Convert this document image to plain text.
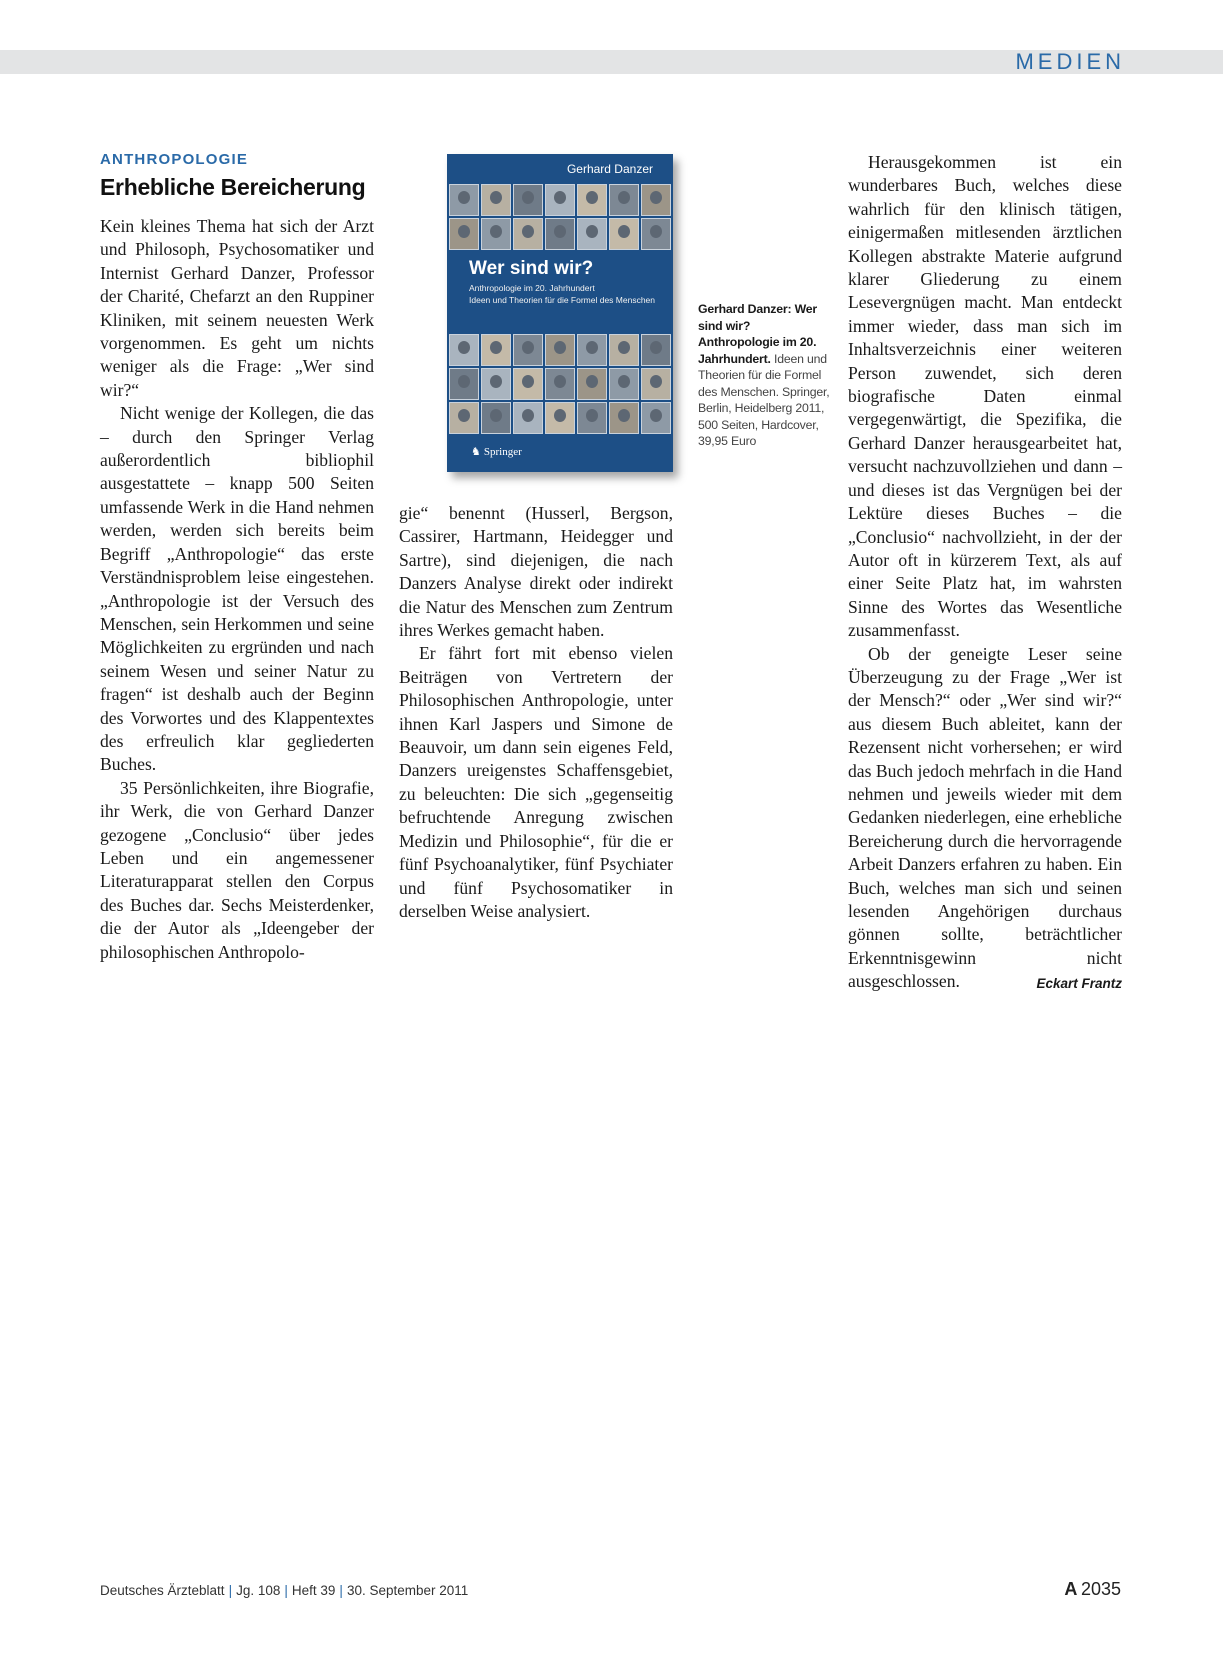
MEDIEN
ANTHROPOLOGIE
Erhebliche Bereicherung

Kein kleines Thema hat sich der Arzt und Philosoph, Psychosomatiker und Internist Gerhard Danzer, Professor der Charité, Chefarzt an den Ruppiner Kliniken, mit seinem neuesten Werk vorgenommen. Es geht um nichts weniger als die Frage: „Wer sind wir?“

Nicht wenige der Kollegen, die das – durch den Springer Verlag außerordentlich bibliophil ausgestattete – knapp 500 Seiten umfassende Werk in die Hand nehmen werden, werden sich bereits beim Begriff „Anthropologie“ das erste Verständnisproblem leise eingestehen. „Anthropologie ist der Versuch des Menschen, sein Herkommen und seine Möglichkeiten zu ergründen und nach seinem Wesen und seiner Natur zu fragen“ ist deshalb auch der Beginn des Vorwortes und des Klappentextes des erfreulich klar gegliederten Buches.

35 Persönlichkeiten, ihre Biografie, ihr Werk, die von Gerhard Danzer gezogene „Conclusio“ über jedes Leben und ein angemessener Literaturapparat stellen den Corpus des Buches dar. Sechs Meisterdenker, die der Autor als „Ideengeber der philosophischen Anthropolo-

Gerhard Danzer
Wer sind wir?
Anthropologie im 20. Jahrhundert
Ideen und Theorien für die Formel des Menschen
♞ Springer
Gerhard Danzer: Wer sind wir? Anthropologie im 20. Jahrhundert. Ideen und Theorien für die Formel des Menschen. Springer, Berlin, Heidelberg 2011, 500 Seiten, Hardcover, 39,95 Euro

gie“ benennt (Husserl, Bergson, Cassirer, Hartmann, Heidegger und Sartre), sind diejenigen, die nach Danzers Analyse direkt oder indirekt die Natur des Menschen zum Zentrum ihres Werkes gemacht haben.

Er fährt fort mit ebenso vielen Beiträgen von Vertretern der Philosophischen Anthropologie, unter ihnen Karl Jaspers und Simone de Beauvoir, um dann sein eigenes Feld, Danzers ureigenstes Schaffensgebiet, zu beleuchten: Die sich „gegenseitig befruchtende Anregung zwischen Medizin und Philosophie“, für die er fünf Psychoanalytiker, fünf Psychiater und fünf Psychosomatiker in derselben Weise analysiert.

Herausgekommen ist ein wunderbares Buch, welches diese wahrlich für den klinisch tätigen, einigermaßen mitlesenden ärztlichen Kollegen abstrakte Materie aufgrund klarer Gliederung zu einem Lesevergnügen macht. Man entdeckt immer wieder, dass man sich im Inhaltsverzeichnis einer weiteren Person zuwendet, sich deren biografische Daten einmal vergegenwärtigt, die Spezifika, die Gerhard Danzer herausgearbeitet hat, versucht nachzuvollziehen und dann – und dieses ist das Vergnügen bei der Lektüre dieses Buches – die „Conclusio“ nachvollzieht, in der der Autor oft in kürzerem Text, als auf einer Seite Platz hat, im wahrsten Sinne des Wortes das Wesentliche zusammenfasst.

Ob der geneigte Leser seine Überzeugung zu der Frage „Wer ist der Mensch?“ oder „Wer sind wir?“ aus diesem Buch ableitet, kann der Rezensent nicht vorhersehen; er wird das Buch jedoch mehrfach in die Hand nehmen und jeweils wieder mit dem Gedanken niederlegen, eine erhebliche Bereicherung durch die hervorragende Arbeit Danzers erfahren zu haben. Ein Buch, welches man sich und seinen lesenden Angehörigen durchaus gönnen sollte, beträchtlicher Erkenntnisgewinn nicht ausgeschlossen.	Eckart Frantz

Deutsches Ärzteblatt | Jg. 108 | Heft 39 | 30. September 2011	A  2035
